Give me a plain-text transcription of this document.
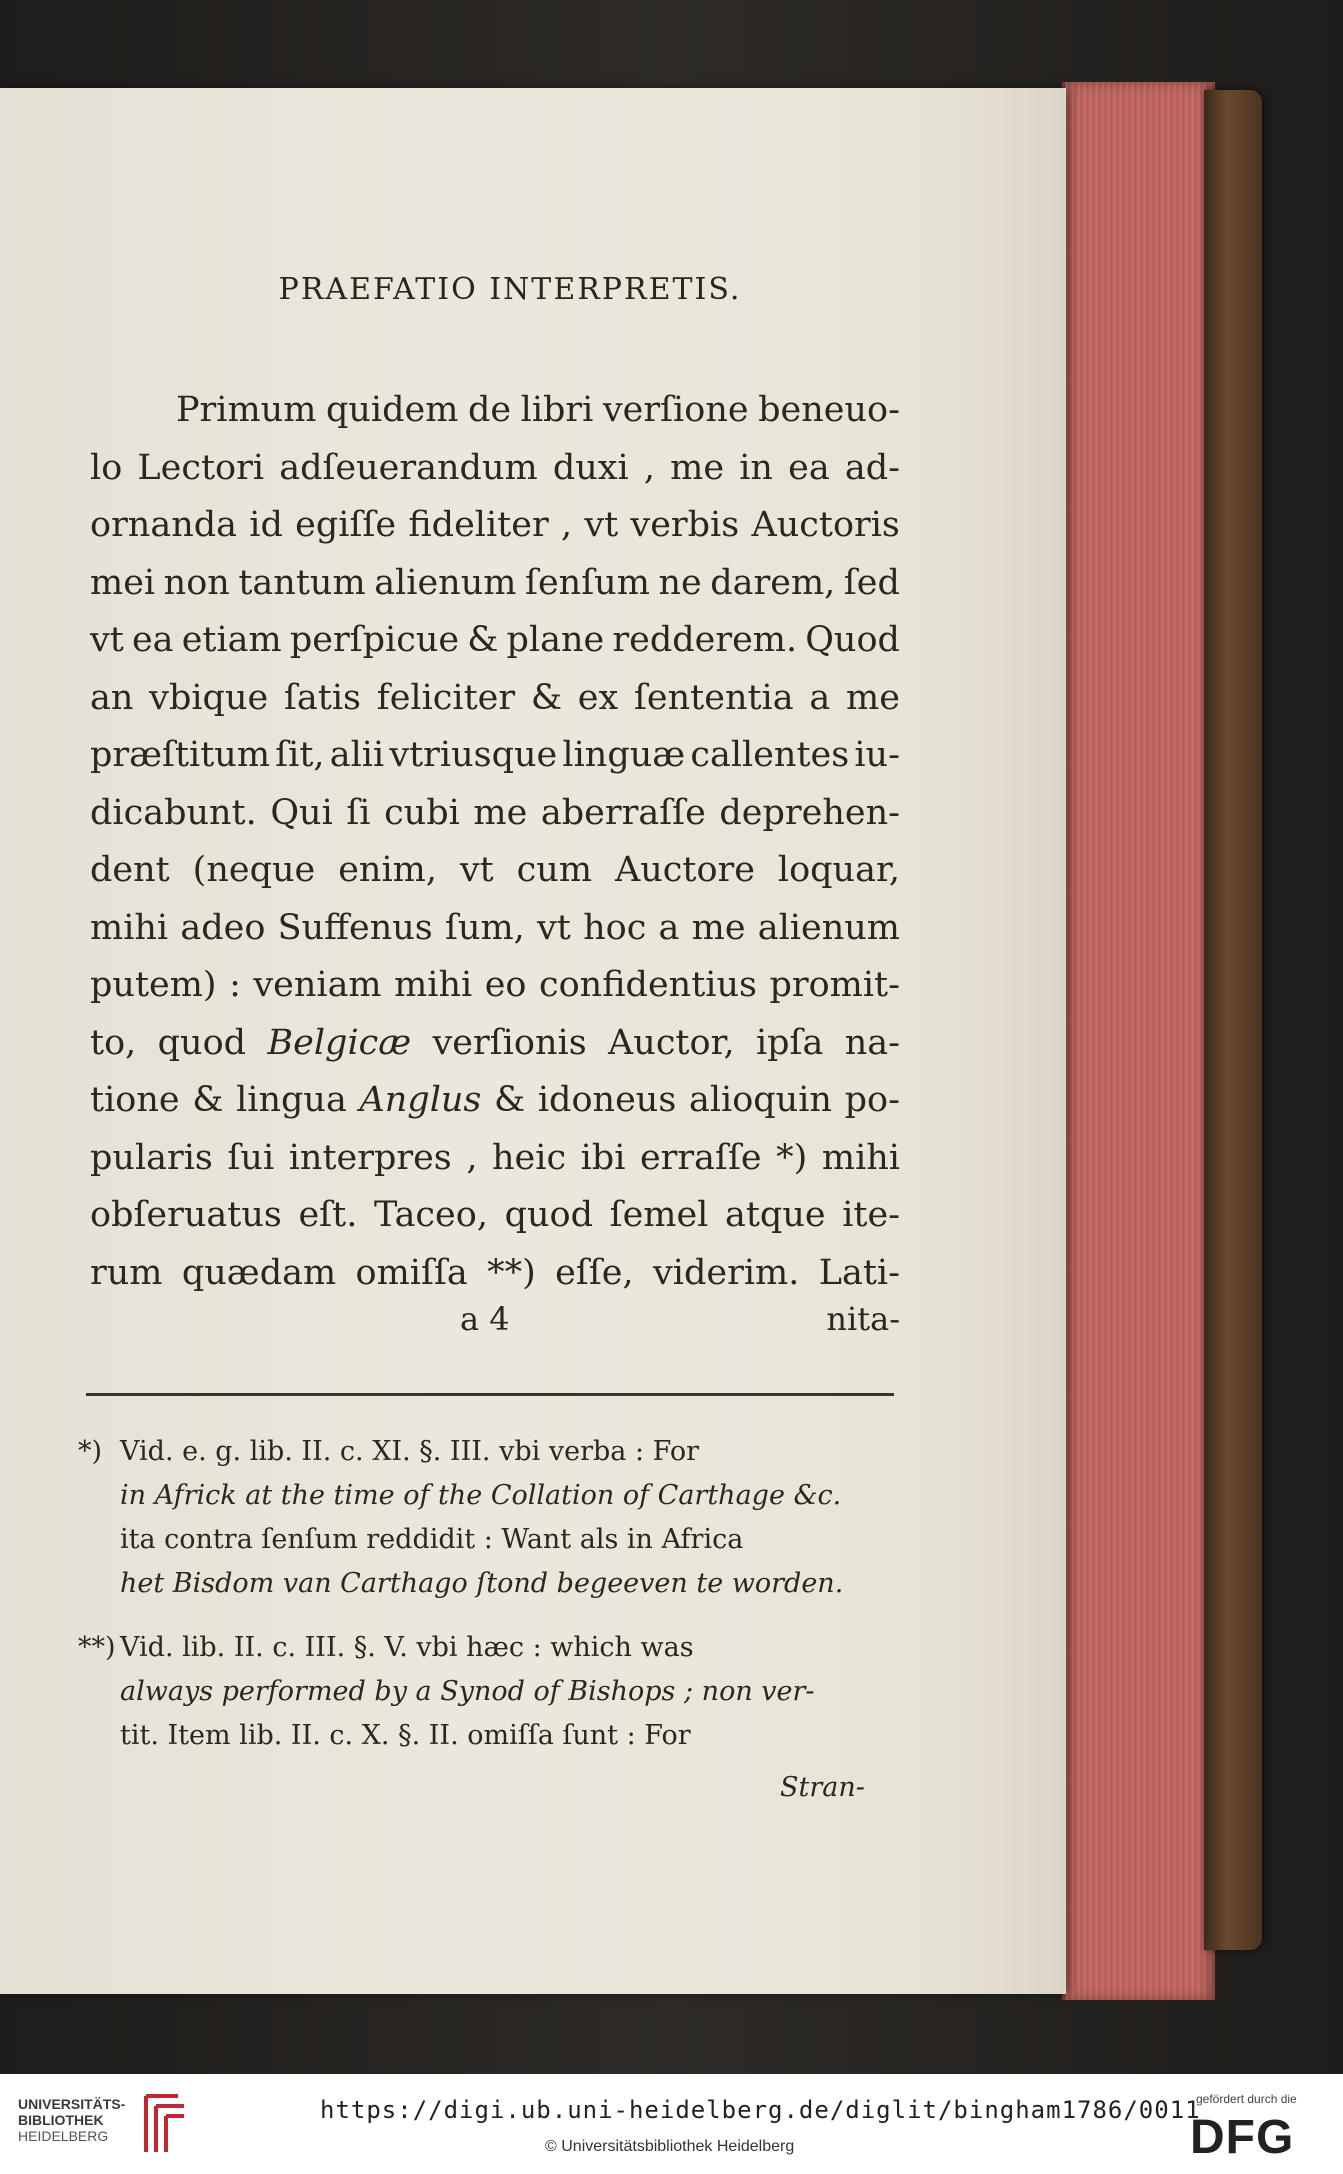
PRAEFATIO INTERPRETIS.
Primum quidem de libri verſione beneuo-
lo Lectori adſeuerandum duxi , me in ea ad-
ornanda id egiſſe fideliter , vt verbis Auctoris
mei non tantum alienum ſenſum ne darem, ſed
vt ea etiam perſpicue & plane redderem. Quod
an vbique ſatis feliciter & ex ſententia a me
præſtitum ſit, alii vtriusque linguæ callentes iu-
dicabunt. Qui ſi cubi me aberraſſe deprehen-
dent (neque enim, vt cum Auctore loquar,
mihi adeo Suffenus ſum, vt hoc a me alienum
putem) : veniam mihi eo confidentius promit-
to, quod Belgicæ verſionis Auctor, ipſa na-
tione & lingua Anglus & idoneus alioquin po-
pularis ſui interpres , heic ibi erraſſe *) mihi
obſeruatus eſt. Taceo, quod ſemel atque ite-
rum quædam omiſſa **) eſſe, viderim. Lati-
a 4	nita-
*) Vid. e. g. lib. II. c. XI. §. III. vbi verba : For
in Africk at the time of the Collation of Carthage &c.
ita contra ſenſum reddidit : Want als in Africa
het Bisdom van Carthago ſtond begeeven te worden.
**) Vid. lib. II. c. III. §. V. vbi hæc : which was
always performed by a Synod of Bishops ; non ver-
tit. Item lib. II. c. X. §. II. omiſſa ſunt : For
Stran-
UNIVERSITÄTS-
BIBLIOTHEK
HEIDELBERG
https://digi.ub.uni-heidelberg.de/diglit/bingham1786/0011
© Universitätsbibliothek Heidelberg
gefördert durch die
DFG
